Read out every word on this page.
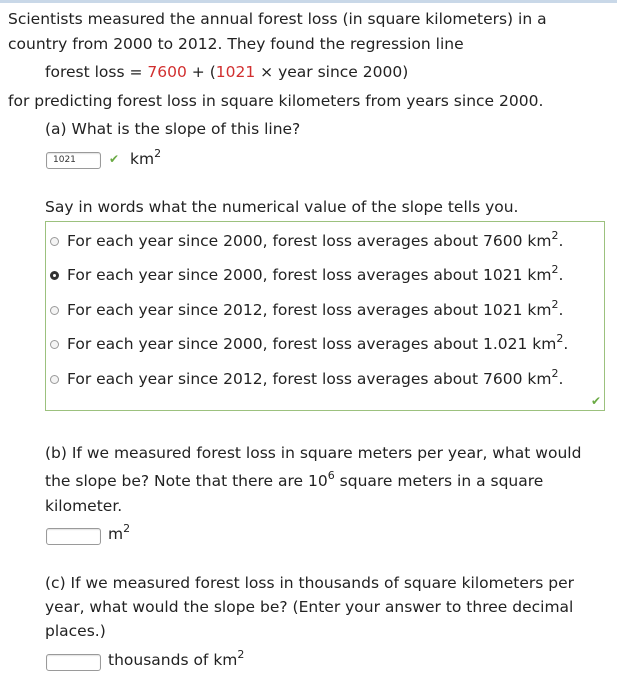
Scientists measured the annual forest loss (in square kilometers) in a
country from 2000 to 2012. They found the regression line
forest loss = 7600 + (1021 × year since 2000)
for predicting forest loss in square kilometers from years since 2000.
(a) What is the slope of this line?
1021
✔ $km^2$
Say in words what the numerical value of the slope tells you.
For each year since 2000, forest loss averages about 7600 $km^2$.
For each year since 2000, forest loss averages about 1021 $km^2$.
For each year since 2012, forest loss averages about 1021 $km^2$.
For each year since 2000, forest loss averages about 1.021 $km^2$.
For each year since 2012, forest loss averages about 7600 $km^2$.
✔
(b) If we measured forest loss in square meters per year, what would
the slope be? Note that there are $10^6$ square meters in a square
kilometer.
$m^2$
(c) If we measured forest loss in thousands of square kilometers per
year, what would the slope be? (Enter your answer to three decimal
places.)
thousands of $km^2$
